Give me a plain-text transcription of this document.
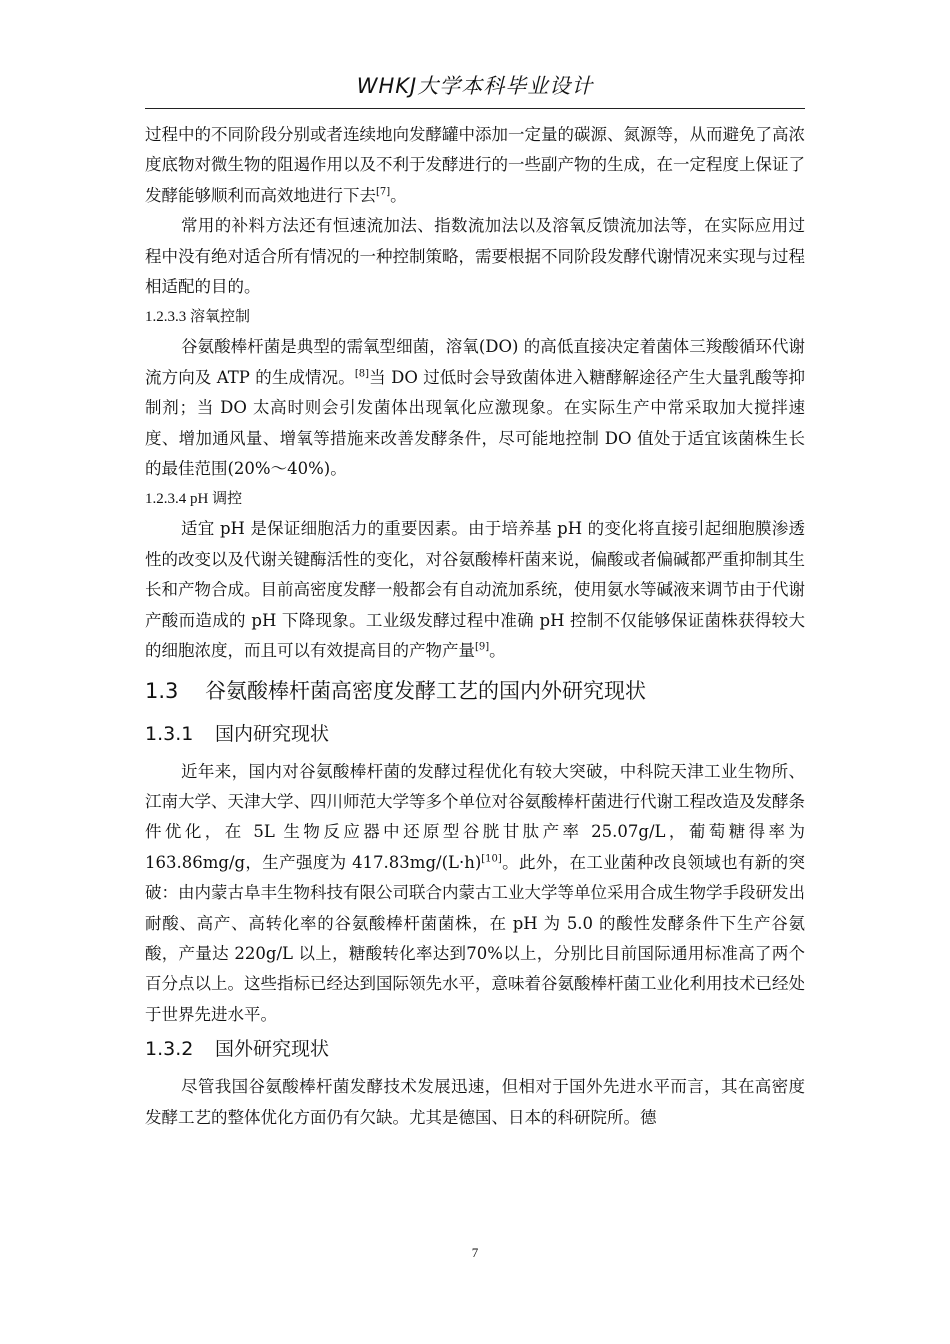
WHKJ大学本科毕业设计

过程中的不同阶段分别或者连续地向发酵罐中添加一定量的碳源、氮源等，从而避免了高浓度底物对微生物的阻遏作用以及不利于发酵进行的一些副产物的生成，在一定程度上保证了发酵能够顺利而高效地进行下去[7]。

常用的补料方法还有恒速流加法、指数流加法以及溶氧反馈流加法等，在实际应用过程中没有绝对适合所有情况的一种控制策略，需要根据不同阶段发酵代谢情况来实现与过程相适配的目的。

1.2.3.3 溶氧控制

谷氨酸棒杆菌是典型的需氧型细菌，溶氧(DO) 的高低直接决定着菌体三羧酸循环代谢流方向及 ATP 的生成情况。[8]当 DO 过低时会导致菌体进入糖酵解途径产生大量乳酸等抑制剂；当 DO 太高时则会引发菌体出现氧化应激现象。在实际生产中常采取加大搅拌速度、增加通风量、增氧等措施来改善发酵条件，尽可能地控制 DO 值处于适宜该菌株生长的最佳范围(20%～40%)。

1.2.3.4 pH 调控

适宜 pH 是保证细胞活力的重要因素。由于培养基 pH 的变化将直接引起细胞膜渗透性的改变以及代谢关键酶活性的变化，对谷氨酸棒杆菌来说，偏酸或者偏碱都严重抑制其生长和产物合成。目前高密度发酵一般都会有自动流加系统，使用氨水等碱液来调节由于代谢产酸而造成的 pH 下降现象。工业级发酵过程中准确 pH 控制不仅能够保证菌株获得较大的细胞浓度，而且可以有效提高目的产物产量[9]。

1.3 谷氨酸棒杆菌高密度发酵工艺的国内外研究现状
1.3.1 国内研究现状

近年来，国内对谷氨酸棒杆菌的发酵过程优化有较大突破，中科院天津工业生物所、江南大学、天津大学、四川师范大学等多个单位对谷氨酸棒杆菌进行代谢工程改造及发酵条件优化，在 5L 生物反应器中还原型谷胱甘肽产率 25.07g/L，葡萄糖得率为 163.86mg/g，生产强度为 417.83mg/(L·h)[10]。此外，在工业菌种改良领域也有新的突破：由内蒙古阜丰生物科技有限公司联合内蒙古工业大学等单位采用合成生物学手段研发出耐酸、高产、高转化率的谷氨酸棒杆菌菌株，在 pH 为 5.0 的酸性发酵条件下生产谷氨酸，产量达 220g/L 以上，糖酸转化率达到70%以上，分别比目前国际通用标准高了两个百分点以上。这些指标已经达到国际领先水平，意味着谷氨酸棒杆菌工业化利用技术已经处于世界先进水平。

1.3.2 国外研究现状

尽管我国谷氨酸棒杆菌发酵技术发展迅速，但相对于国外先进水平而言，其在高密度发酵工艺的整体优化方面仍有欠缺。尤其是德国、日本的科研院所。德

7
